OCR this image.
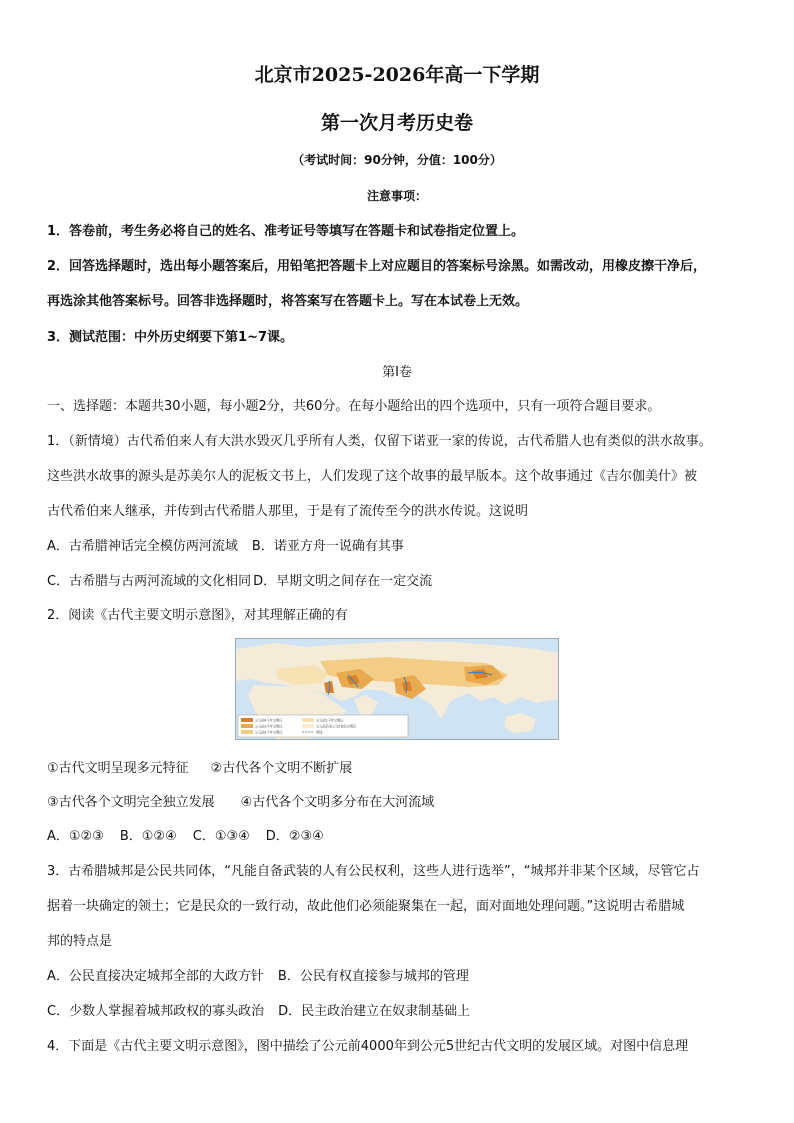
北京市2025-2026年高一下学期
第一次月考历史卷
（考试时间：90分钟，分值：100分）
注意事项：
1．答卷前，考生务必将自己的姓名、准考证号等填写在答题卡和试卷指定位置上。
2．回答选择题时，选出每小题答案后，用铅笔把答题卡上对应题目的答案标号涂黑。如需改动，用橡皮擦干净后，
再选涂其他答案标号。回答非选择题时，将答案写在答题卡上。写在本试卷上无效。
3．测试范围：中外历史纲要下第1~7课。
第Ⅰ卷
一、选择题：本题共30小题，每小题2分，共60分。在每小题给出的四个选项中，只有一项符合题目要求。
1．（新情境）古代希伯来人有大洪水毁灭几乎所有人类，仅留下诺亚一家的传说，古代希腊人也有类似的洪水故事。
这些洪水故事的源头是苏美尔人的泥板文书上，人们发现了这个故事的最早版本。这个故事通过《吉尔伽美什》被
古代希伯来人继承，并传到古代希腊人那里，于是有了流传至今的洪水传说。这说明
A．古希腊神话完全模仿两河流域 B．诺亚方舟一说确有其事
C．古希腊与古两河流域的文化相同 D．早期文明之间存在一定交流
2．阅读《古代主要文明示意图》，对其理解正确的有
公元前4千年文明区
公元前3千年文明区
公元前2千年文明区
公元前1千年文明区
公元前后至公元5世纪文明区
界线
①古代文明呈现多元特征 ②古代各个文明不断扩展
③古代各个文明完全独立发展 ④古代各个文明多分布在大河流域
A．①②③ B．①②④ C．①③④ D．②③④
3．古希腊城邦是公民共同体，“凡能自备武装的人有公民权利，这些人进行选举”，“城邦并非某个区域，尽管它占
据着一块确定的领土；它是民众的一致行动，故此他们必须能聚集在一起，面对面地处理问题。”这说明古希腊城
邦的特点是
A．公民直接决定城邦全部的大政方针 B．公民有权直接参与城邦的管理
C．少数人掌握着城邦政权的寡头政治 D．民主政治建立在奴隶制基础上
4．下面是《古代主要文明示意图》，图中描绘了公元前4000年到公元5世纪古代文明的发展区域。对图中信息理
